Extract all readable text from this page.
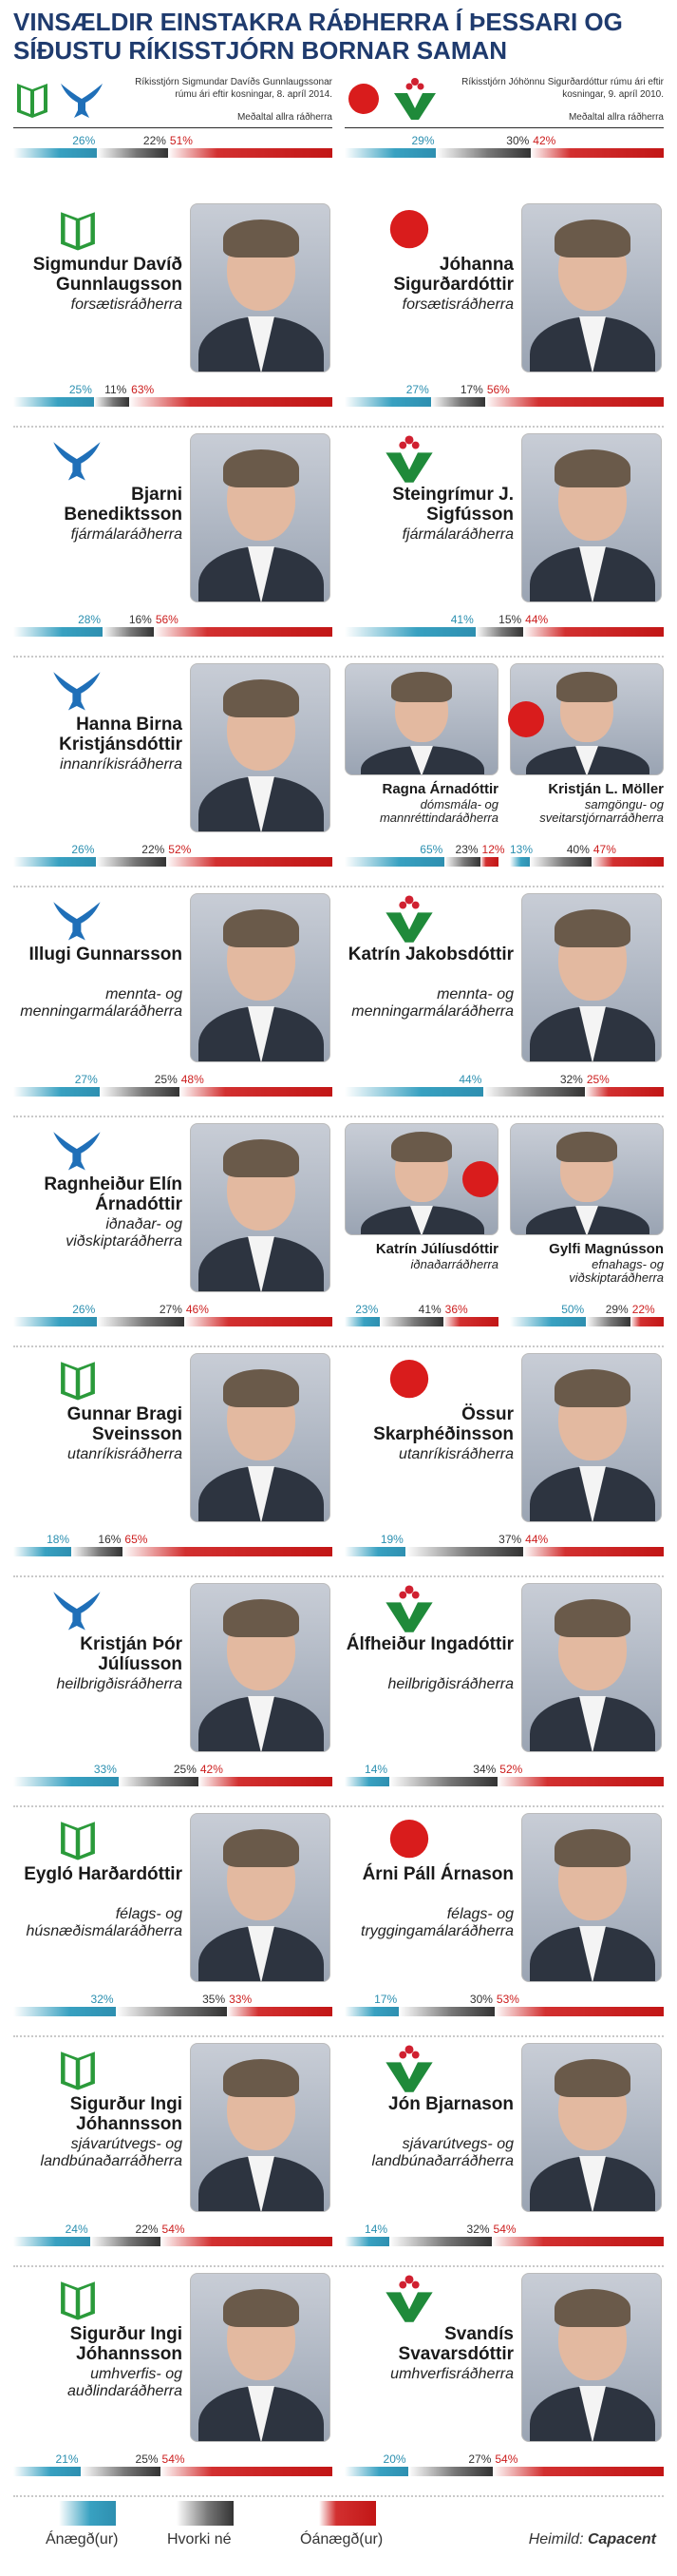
VINSÆLDIR EINSTAKRA RÁÐHERRA Í ÞESSARI OG SÍÐUSTU RÍKISSTJÓRN BORNAR SAMAN
Ríkisstjórn Sigmundar Davíðs Gunnlaugssonar rúmu ári eftir kosningar, 8. apríl 2014.
Meðaltal allra ráðherra
26%	22% 51%
Ríkisstjórn Jóhönnu Sigurðardóttur rúmu ári eftir kosningar, 9. apríl 2010.
Meðaltal allra ráðherra
29%	30% 42%
Sigmundur Davíð Gunnlaugsson
forsætisráðherra
25% 11% 63%
Jóhanna Sigurðardóttir
forsætisráðherra
27%	17% 56%
Bjarni Benediktsson
fjármálaráðherra
28% 16% 56%
Steingrímur J. Sigfússon
fjármálaráðherra
41% 15% 44%
Hanna Birna Kristjánsdóttir
innanríkisráðherra
26%	22% 52%
Ragna Árnadóttir
dómsmála- og mannréttindaráðherra
65% 23% 12%
Kristján L. Möller
samgöngu- og sveitarstjórnarráðherra
13%	40% 47%
Illugi Gunnarsson
mennta- og menningarmálaráðherra
27%	25% 48%
Katrín Jakobsdóttir
mennta- og menningarmálaráðherra
44%	32% 25%
Ragnheiður Elín Árnadóttir
iðnaðar- og viðskiptaráðherra
26%	27% 46%
Katrín Júlíusdóttir
iðnaðarráðherra
23%	41% 36%
Gylfi Magnússon
efnahags- og viðskiptaráðherra
50% 29% 22%
Gunnar Bragi Sveinsson
utanríkisráðherra
18%	16% 65%
Össur Skarphéðinsson
utanríkisráðherra
19%	37% 44%
Kristján Þór Júlíusson
heilbrigðisráðherra
33%	25% 42%
Álfheiður Ingadóttir
heilbrigðisráðherra
14%	34% 52%
Eygló Harðardóttir
félags- og húsnæðismálaráðherra
32%	35% 33%
Árni Páll Árnason
félags- og tryggingamálaráðherra
17%	30% 53%
Sigurður Ingi Jóhannsson
sjávarútvegs- og landbúnaðarráðherra
24%	22% 54%
Jón Bjarnason
sjávarútvegs- og landbúnaðarráðherra
14%	32% 54%
Sigurður Ingi Jóhannsson
umhverfis- og auðlindaráðherra
21%	25% 54%
Svandís Svavarsdóttir
umhverfisráðherra
20%	27% 54%
Ánægð(ur)	Hvorki né	Óánægð(ur)	Heimild: Capacent
